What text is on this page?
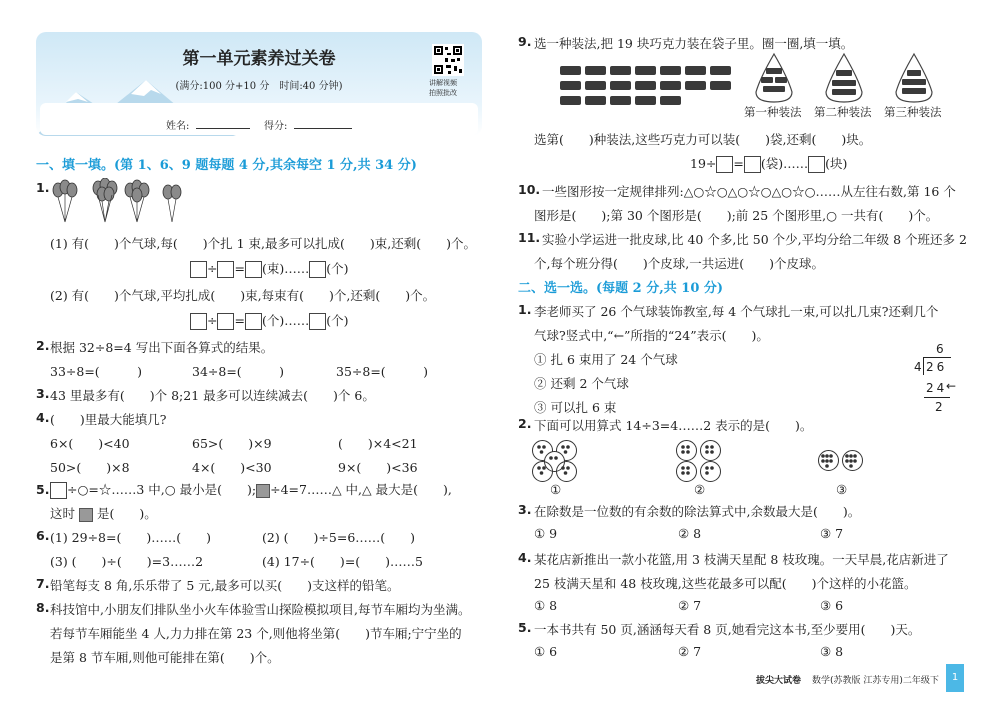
第一单元素养过关卷
(满分:100 分+10 分　时间:40 分钟)
姓名:	得分:
讲解视频
拍照批改
一、填一填。(第 1、6、9 题每题 4 分,其余每空 1 分,共 34 分)
1.
(1) 有(　　)个气球,每(　　)个扎 1 束,最多可以扎成(　　)束,还剩(　　)个。
÷ = (束)…… (个)
(2) 有(　　)个气球,平均扎成(　　)束,每束有(　　)个,还剩(　　)个。
÷ = (个)…… (个)
2. 根据 32÷8=4 写出下面各算式的结果。
33÷8=(　　　)	34÷8=(　　　)	35÷8=(　　　)
3. 43 里最多有(　　)个 8;21 最多可以连续减去(　　)个 6。
4. (　　)里最大能填几?
6×(　　)<40	65>(　　)×9	(　　)×4<21
50>(　　)×8	4×(　　)<30	9×(　　)<36
5.	÷○=☆……3 中,○ 最小是(　　); ÷4=7……△ 中,△ 最大是(　　),
这时 是(　　)。
6. (1) 29÷8=(　　)……(　　)	(2) (　　)÷5=6……(　　)
(3) (　　)÷(　　)=3……2	(4) 17÷(　　)=(　　)……5
7. 铅笔每支 8 角,乐乐带了 5 元,最多可以买(　　)支这样的铅笔。
8. 科技馆中,小朋友们排队坐小火车体验雪山探险模拟项目,每节车厢均为坐满。
若每节车厢能坐 4 人,力力排在第 23 个,则他将坐第(　　)节车厢;宁宁坐的
是第 8 节车厢,则他可能排在第(　　)个。
9. 选一种装法,把 19 块巧克力装在袋子里。圈一圈,填一填。
第一种装法 第二种装法 第三种装法
选第(　　)种装法,这些巧克力可以装(　　)袋,还剩(　　)块。
19÷ = (袋)…… (块)
10. 一些图形按一定规律排列:△○☆○△○☆○△○☆○……从左往右数,第 16 个
图形是(　　);第 30 个图形是(　　);前 25 个图形里,○ 一共有(　　)个。
11. 实验小学运进一批皮球,比 40 个多,比 50 个少,平均分给二年级 8 个班还多 2
个,每个班分得(　　)个皮球,一共运进(　　)个皮球。
二、选一选。(每题 2 分,共 10 分)
1. 李老师买了 26 个气球装饰教室,每 4 个气球扎一束,可以扎几束?还剩几个
气球?竖式中,“←”所指的“24”表示(　　)。
① 扎 6 束用了 24 个气球
② 还剩 2 个气球
③ 可以扎 6 束
6
4 26
24
←
2
2. 下面可以用算式 14÷3=4……2 表示的是(　　)。
①	②	③
3. 在除数是一位数的有余数的除法算式中,余数最大是(　　)。
① 9	② 8	③ 7
4. 某花店新推出一款小花篮,用 3 枝满天星配 8 枝玫瑰。一天早晨,花店新进了
25 枝满天星和 48 枝玫瑰,这些花最多可以配(　　)个这样的小花篮。
① 8	② 7	③ 6
5. 一本书共有 50 页,涵涵每天看 8 页,她看完这本书,至少要用(　　)天。
① 6	② 7	③ 8
拔尖大试卷 数学(苏教版 江苏专用)二年级下	1
